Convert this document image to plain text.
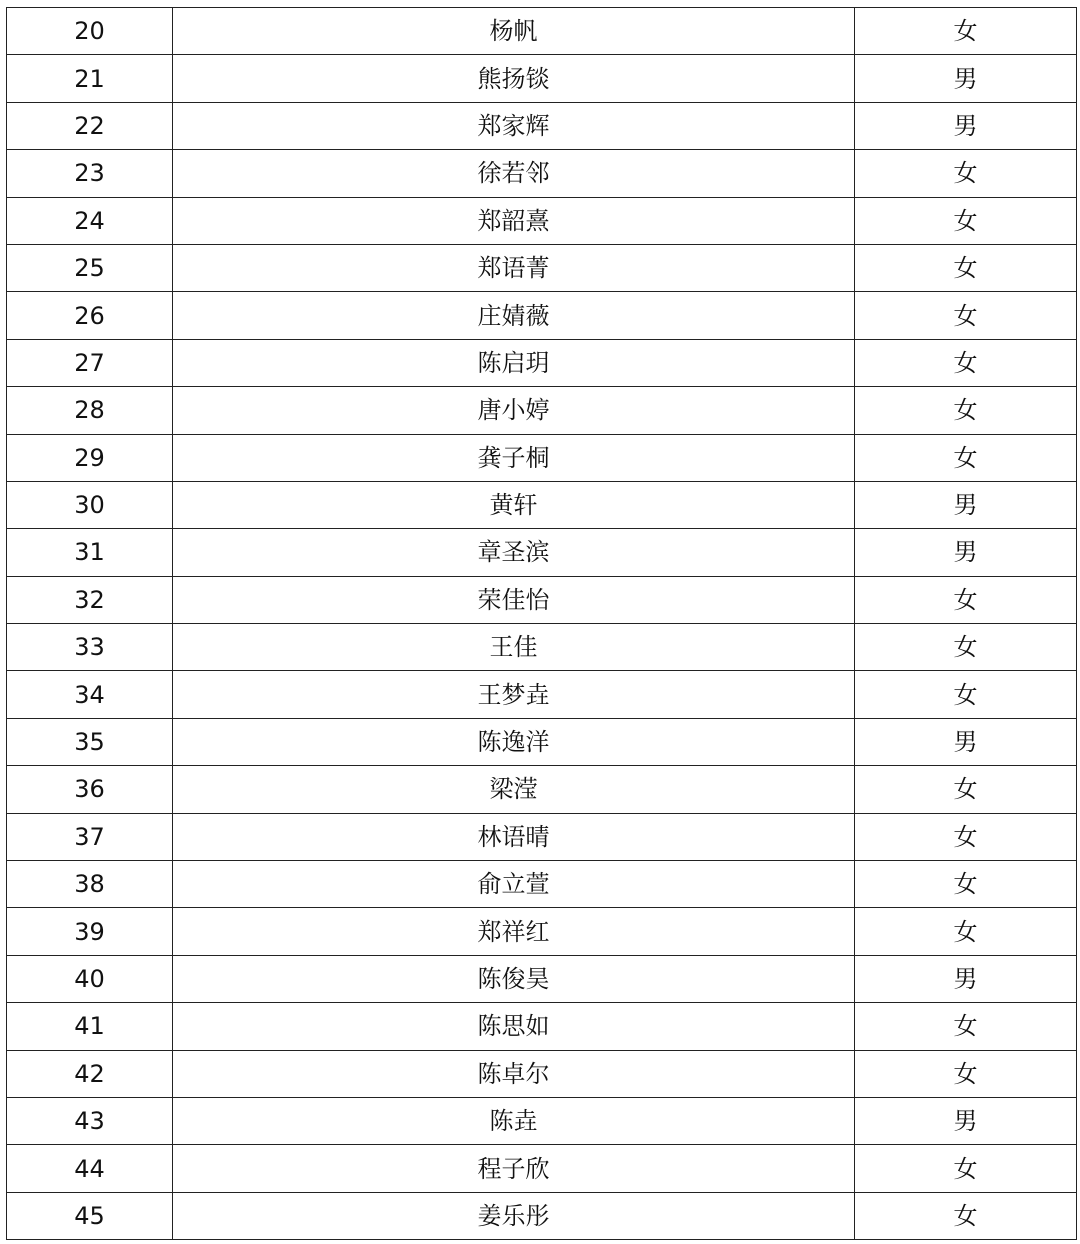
20	杨帆	女
21	熊扬锬	男
22	郑家辉	男
23	徐若邻	女
24	郑韶熹	女
25	郑语菁	女
26	庄婧薇	女
27	陈启玥	女
28	唐小婷	女
29	龚子桐	女
30	黄轩	男
31	章圣滨	男
32	荣佳怡	女
33	王佳	女
34	王梦垚	女
35	陈逸洋	男
36	梁滢	女
37	林语晴	女
38	俞立萱	女
39	郑祥红	女
40	陈俊昊	男
41	陈思如	女
42	陈卓尔	女
43	陈垚	男
44	程子欣	女
45	姜乐彤	女
